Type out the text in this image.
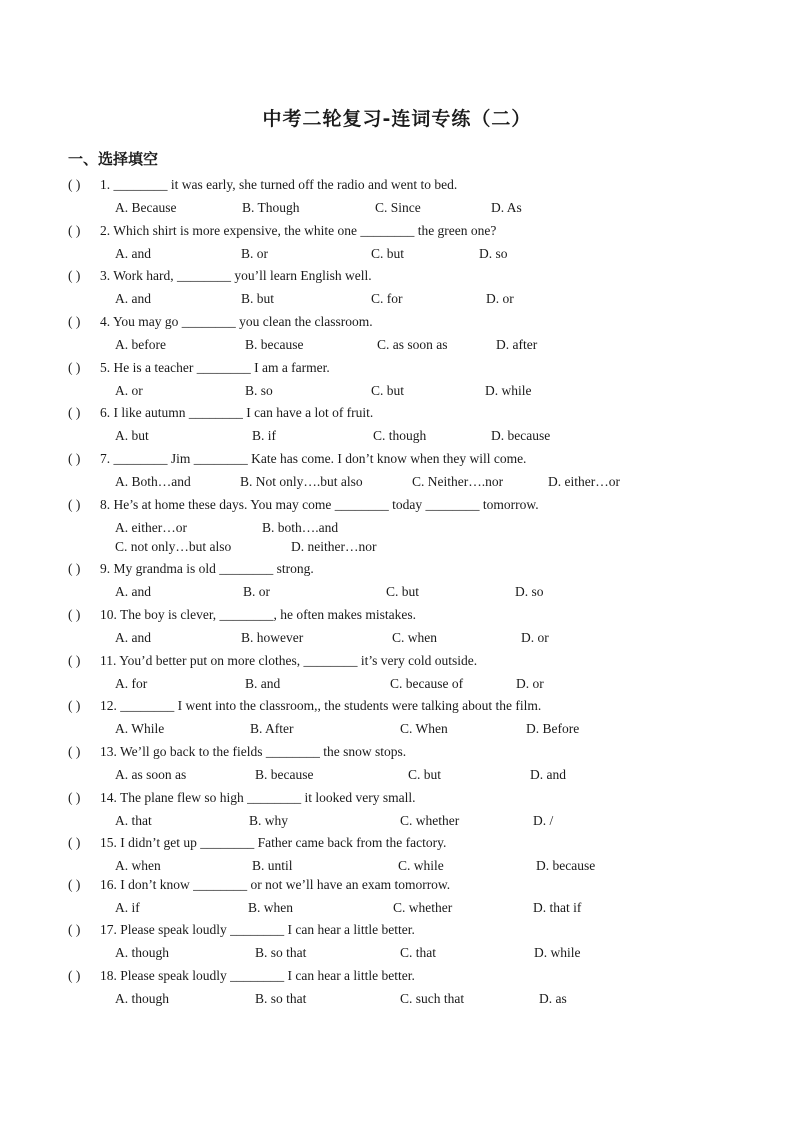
中考二轮复习-连词专练（二）
一、选择填空
( ) 1. ________ it was early, she turned off the radio and went to bed.
A. Because	B. Though	C. Since	D. As
( ) 2. Which shirt is more expensive, the white one ________ the green one?
A. and	B. or	C. but	D. so
( ) 3. Work hard, ________ you’ll learn English well.
A. and	B. but	C. for	D. or
( ) 4. You may go ________ you clean the classroom.
A. before	B. because	C. as soon as	D. after
( ) 5. He is a teacher ________ I am a farmer.
A. or	B. so	C. but	D. while
( ) 6. I like autumn ________ I can have a lot of fruit.
A. but	B. if	C. though	D. because
( ) 7. ________ Jim ________ Kate has come. I don’t know when they will come.
A. Both…and	B. Not only….but also	C. Neither….nor	D. either…or
( ) 8. He’s at home these days. You may come ________ today ________ tomorrow.
A. either…or	B. both….and
C. not only…but also	D. neither…nor
( ) 9. My grandma is old ________ strong.
A. and	B. or	C. but	D. so
( ) 10. The boy is clever, ________, he often makes mistakes.
A. and	B. however	C. when	D. or
( ) 11. You’d better put on more clothes, ________ it’s very cold outside.
A. for	B. and	C. because of	D. or
( ) 12. ________ I went into the classroom,, the students were talking about the film.
A. While	B. After	C. When	D. Before
( ) 13. We’ll go back to the fields ________ the snow stops.
A. as soon as	B. because	C. but	D. and
( ) 14. The plane flew so high ________ it looked very small.
A. that	B. why	C. whether	D. /
( ) 15. I didn’t get up ________ Father came back from the factory.
A. when	B. until	C. while	D. because
( ) 16. I don’t know ________ or not we’ll have an exam tomorrow.
A. if	B. when	C. whether	D. that if
( ) 17. Please speak loudly ________ I can hear a little better.
A. though	B. so that	C. that	D. while
( ) 18. Please speak loudly ________ I can hear a little better.
A. though	B. so that	C. such that	D. as
